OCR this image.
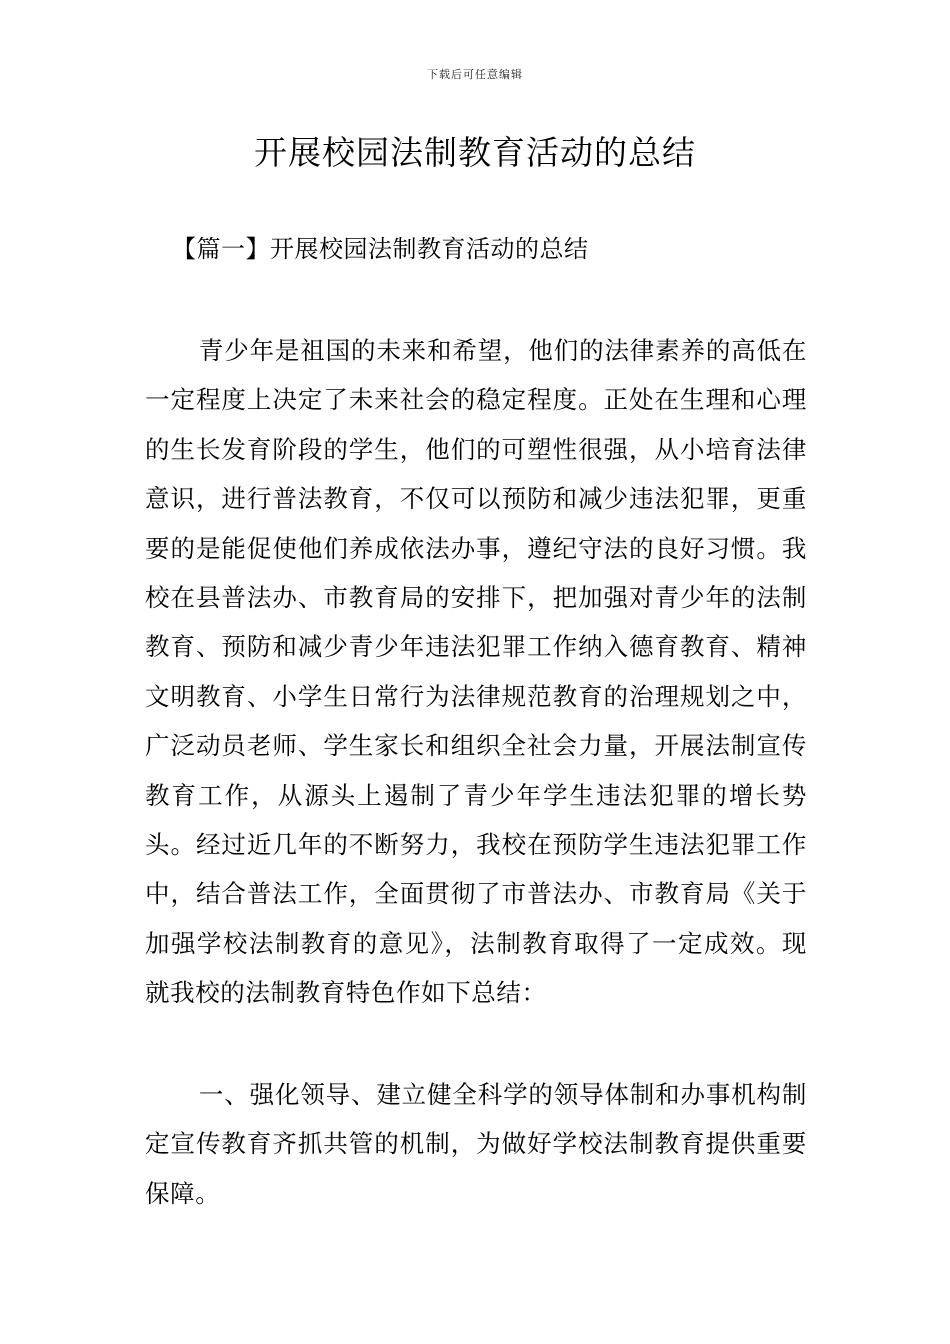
下载后可任意编辑
开展校园法制教育活动的总结
【篇一】开展校园法制教育活动的总结

青少年是祖国的未来和希望，他们的法律素养的高低在一定程度上决定了未来社会的稳定程度。正处在生理和心理的生长发育阶段的学生，他们的可塑性很强，从小培育法律意识，进行普法教育，不仅可以预防和减少违法犯罪，更重要的是能促使他们养成依法办事，遵纪守法的良好习惯。我校在县普法办、市教育局的安排下，把加强对青少年的法制教育、预防和减少青少年违法犯罪工作纳入德育教育、精神文明教育、小学生日常行为法律规范教育的治理规划之中，广泛动员老师、学生家长和组织全社会力量，开展法制宣传教育工作，从源头上遏制了青少年学生违法犯罪的增长势头。经过近几年的不断努力，我校在预防学生违法犯罪工作中，结合普法工作，全面贯彻了市普法办、市教育局《关于加强学校法制教育的意见》，法制教育取得了一定成效。现就我校的法制教育特色作如下总结：

一、强化领导、建立健全科学的领导体制和办事机构制定宣传教育齐抓共管的机制，为做好学校法制教育提供重要保障。
